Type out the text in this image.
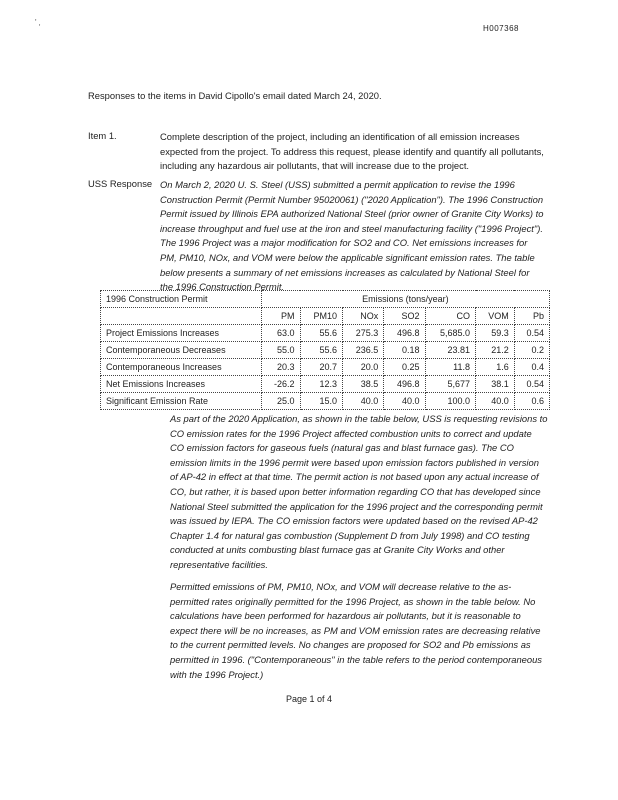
' ‚
H007368
Responses to the items in David Cipollo's email dated March 24, 2020.
Item 1.	Complete description of the project, including an identification of all emission increases expected from the project. To address this request, please identify and quantify all pollutants, including any hazardous air pollutants, that will increase due to the project.
USS Response On March 2, 2020 U. S. Steel (USS) submitted a permit application to revise the 1996 Construction Permit (Permit Number 95020061) ("2020 Application"). The 1996 Construction Permit issued by Illinois EPA authorized National Steel (prior owner of Granite City Works) to increase throughput and fuel use at the iron and steel manufacturing facility ("1996 Project"). The 1996 Project was a major modification for SO2 and CO. Net emissions increases for PM, PM10, NOx, and VOM were below the applicable significant emission rates. The table below presents a summary of net emissions increases as calculated by National Steel for the 1996 Construction Permit.
1996 Construction Permit	Emissions (tons/year)						
	PM	PM10	NOx	SO2	CO	VOM	Pb
Project Emissions Increases	63.0	55.6	275.3	496.8	5,685.0	59.3	0.54
Contemporaneous Decreases	55.0	55.6	236.5	0.18	23.81	21.2	0.2
Contemporaneous Increases	20.3	20.7	20.0	0.25	11.8	1.6	0.4
Net Emissions Increases	-26.2	12.3	38.5	496.8	5,677	38.1	0.54
Significant Emission Rate	25.0	15.0	40.0	40.0	100.0	40.0	0.6
As part of the 2020 Application, as shown in the table below, USS is requesting revisions to CO emission rates for the 1996 Project affected combustion units to correct and update CO emission factors for gaseous fuels (natural gas and blast furnace gas). The CO emission limits in the 1996 permit were based upon emission factors published in version of AP-42 in effect at that time. The permit action is not based upon any actual increase of CO, but rather, it is based upon better information regarding CO that has developed since National Steel submitted the application for the 1996 project and the corresponding permit was issued by IEPA. The CO emission factors were updated based on the revised AP-42 Chapter 1.4 for natural gas combustion (Supplement D from July 1998) and CO testing conducted at units combusting blast furnace gas at Granite City Works and other representative facilities.
Permitted emissions of PM, PM10, NOx, and VOM will decrease relative to the as-permitted rates originally permitted for the 1996 Project, as shown in the table below. No calculations have been performed for hazardous air pollutants, but it is reasonable to expect there will be no increases, as PM and VOM emission rates are decreasing relative to the current permitted levels. No changes are proposed for SO2 and Pb emissions as permitted in 1996. ("Contemporaneous" in the table refers to the period contemporaneous with the 1996 Project.)
Page 1 of 4
